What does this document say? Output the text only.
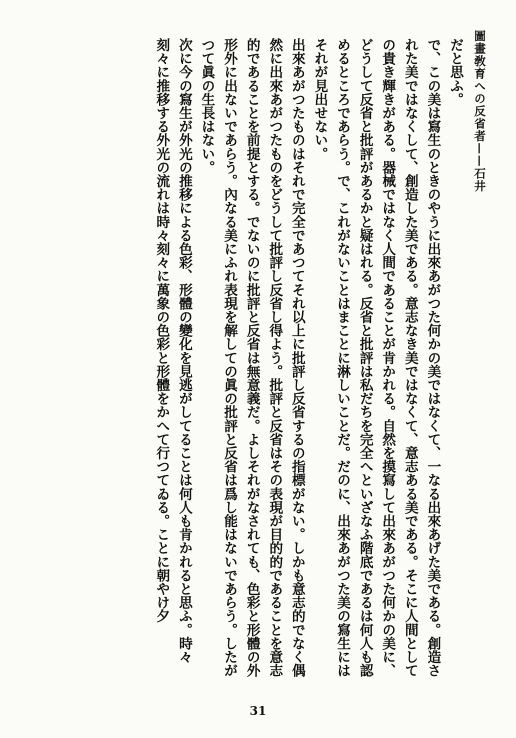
圖畫敎育への反省者——石井

だと思ふ。

で、この美は寫生のときのやうに出來あがつた何かの美ではなくて、一なる出來あげた美である。創造された美ではなくして、創造した美である。意志なき美ではなくて、意志ある美である。そこに人間としての貴き輝きがある。器械ではなく人間であることが肯かれる。自然を摸寫して出來あがつた何かの美に、どうして反省と批評があるかと疑はれる。反省と批評は私だちを完全へといざなふ階底であるは何人も認めるところであらう。で、これがないことはまことに淋しいことだ。だのに、出來あがつた美の寫生にはそれが見出せない。

出來あがつたものはそれで完全であつてそれ以上に批評し反省するの指標がない。しかも意志的でなく偶然に出來あがつたものをどうして批評し反省し得よう。批評と反省はその表現が目的的であることを意志的であることを前提とする。でないのに批評と反省は無意義だ。よしそれがなされても、色彩と形體の外形外に出ないであらう。內なる美にふれ表現を解しての眞の批評と反省は爲し能はないであらう。したがつて眞の生長はない。

次に今の寫生が外光の推移による色彩、形體の變化を見逃がしてることは何人も肯かれると思ふ。時々刻々に推移する外光の流れは時々刻々に萬象の色彩と形體をかへて行つてゐる。ことに朝やけ夕

31
